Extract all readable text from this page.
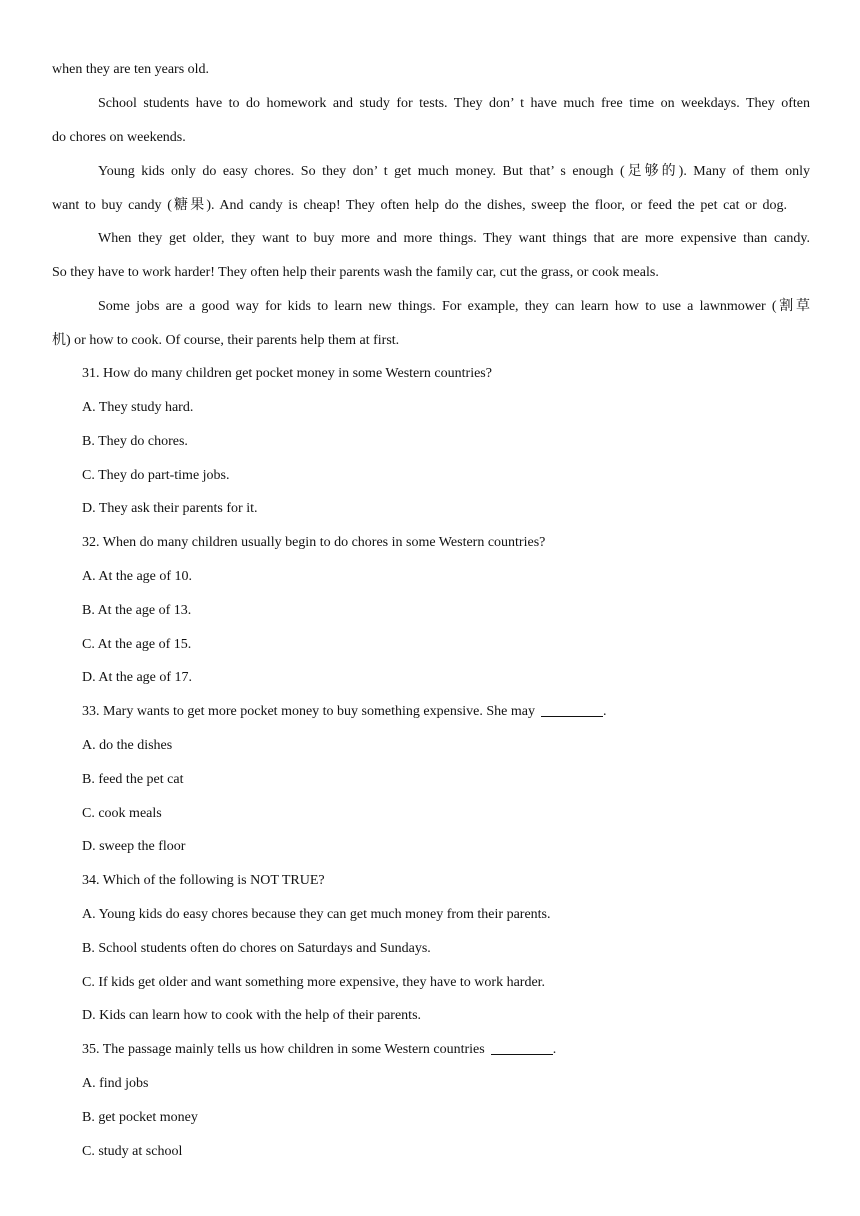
when they are ten years old.
School students have to do homework and study for tests. They don’ t have much free time on weekdays. They often
do chores on weekends.
Young kids only do easy chores. So they don’ t get much money. But that’ s enough (足够的). Many of them only
want to buy candy (糖果). And candy is cheap! They often help do the dishes, sweep the floor, or feed the pet cat or dog.
When they get older, they want to buy more and more things. They want things that are more expensive than candy.
So they have to work harder! They often help their parents wash the family car, cut the grass, or cook meals.
Some jobs are a good way for kids to learn new things. For example, they can learn how to use a lawnmower (割草
机) or how to cook. Of course, their parents help them at first.
31. How do many children get pocket money in some Western countries?
A. They study hard.
B. They do chores.
C. They do part-time jobs.
D. They ask their parents for it.
32. When do many children usually begin to do chores in some Western countries?
A. At the age of 10.
B. At the age of 13.
C. At the age of 15.
D. At the age of 17.
33. Mary wants to get more pocket money to buy something expensive. She may	.
A. do the dishes
B. feed the pet cat
C. cook meals
D. sweep the floor
34. Which of the following is NOT TRUE?
A. Young kids do easy chores because they can get much money from their parents.
B. School students often do chores on Saturdays and Sundays.
C. If kids get older and want something more expensive, they have to work harder.
D. Kids can learn how to cook with the help of their parents.
35. The passage mainly tells us how children in some Western countries	.
A. find jobs
B. get pocket money
C. study at school
